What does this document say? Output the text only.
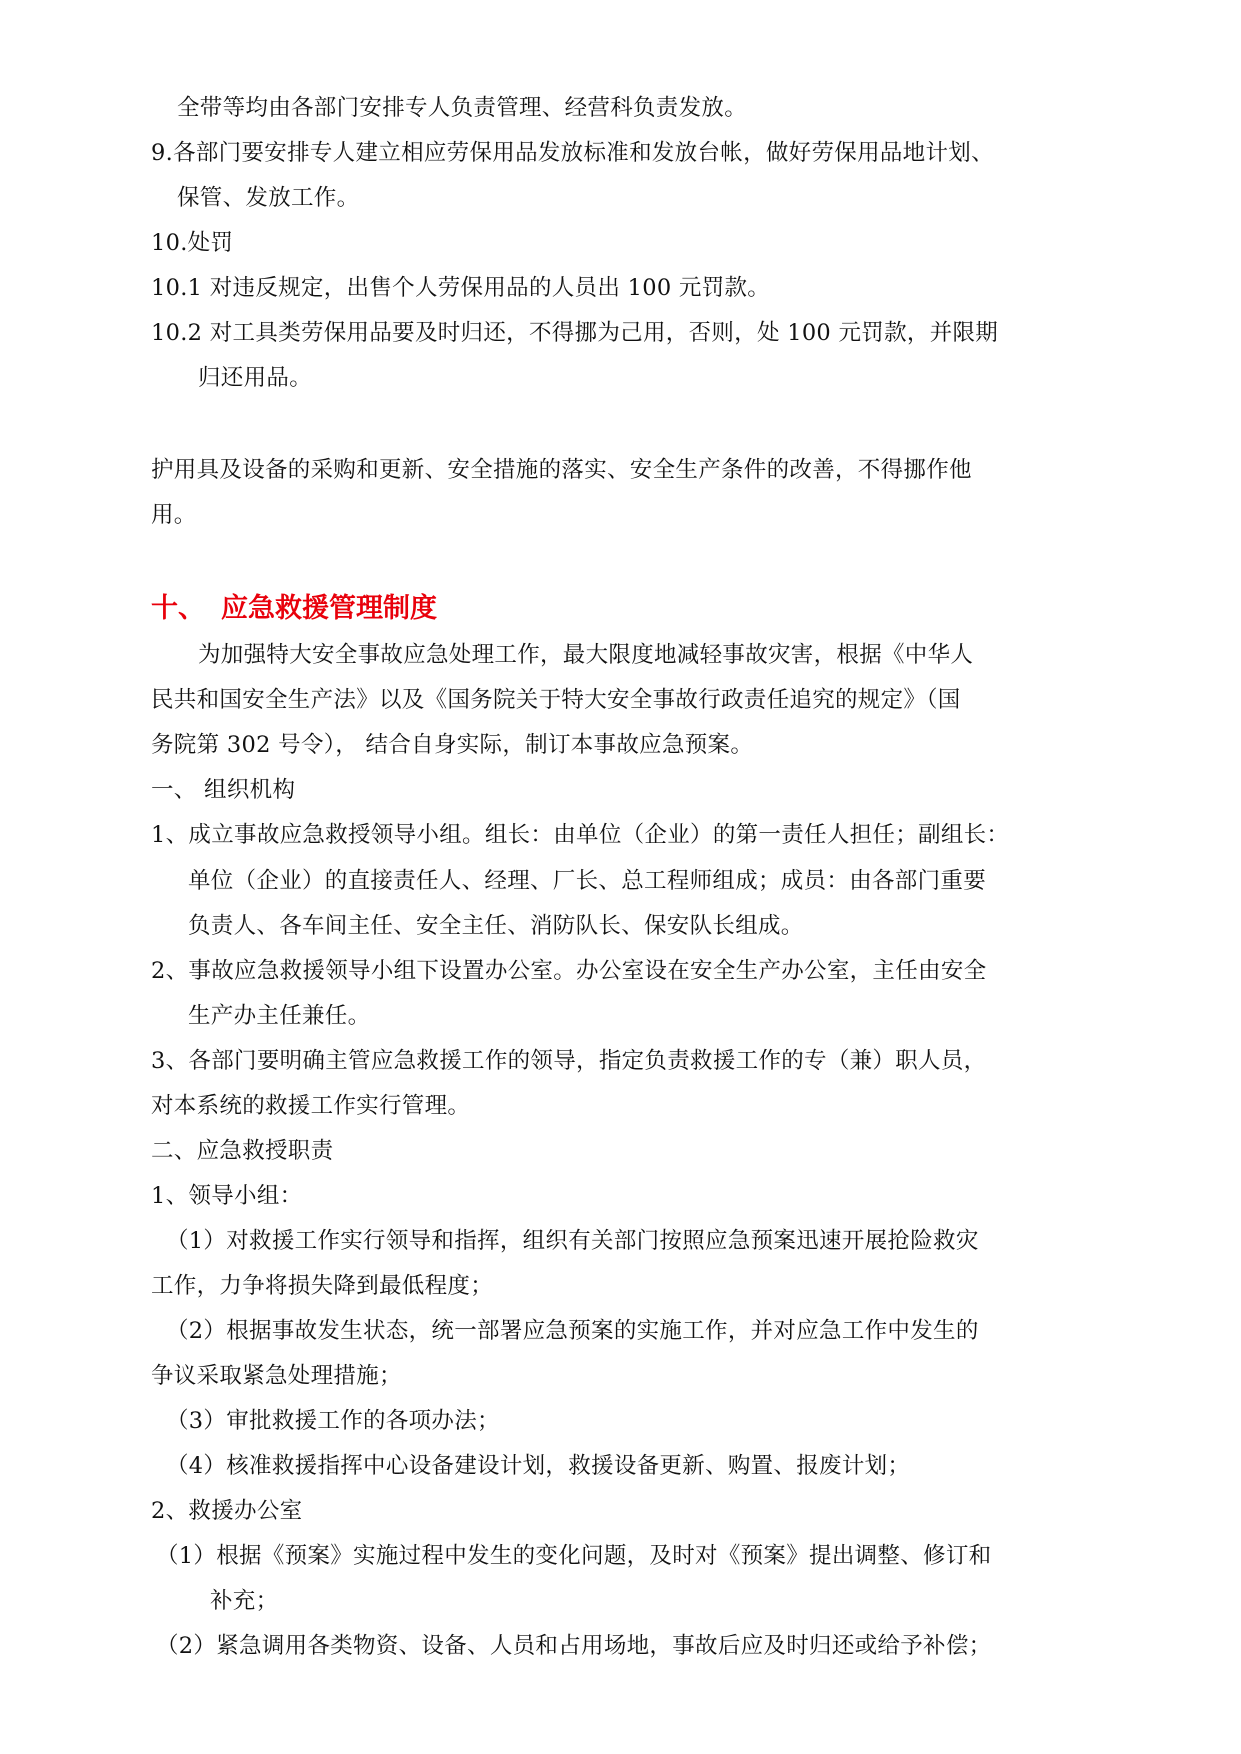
全带等均由各部门安排专人负责管理、经营科负责发放。
9.各部门要安排专人建立相应劳保用品发放标准和发放台帐，做好劳保用品地计划、
保管、发放工作。
10.处罚
10.1 对违反规定，出售个人劳保用品的人员出 100 元罚款。
10.2 对工具类劳保用品要及时归还，不得挪为己用，否则，处 100 元罚款，并限期
归还用品。
护用具及设备的采购和更新、安全措施的落实、安全生产条件的改善，不得挪作他
用。
十、 应急救援管理制度
为加强特大安全事故应急处理工作，最大限度地减轻事故灾害，根据《中华人
民共和国安全生产法》以及《国务院关于特大安全事故行政责任追究的规定》（国
务院第 302 号令）， 结合自身实际，制订本事故应急预案。
一、 组织机构
1、成立事故应急救授领导小组。组长：由单位（企业）的第一责任人担任；副组长：
单位（企业）的直接责任人、经理、厂长、总工程师组成；成员：由各部门重要
负责人、各车间主任、安全主任、消防队长、保安队长组成。
2、事故应急救援领导小组下设置办公室。办公室设在安全生产办公室，主任由安全
生产办主任兼任。
3、各部门要明确主管应急救援工作的领导，指定负责救援工作的专（兼）职人员，
对本系统的救援工作实行管理。
二、应急救授职责
1、领导小组：
（1）对救援工作实行领导和指挥，组织有关部门按照应急预案迅速开展抢险救灾
工作，力争将损失降到最低程度；
（2）根据事故发生状态，统一部署应急预案的实施工作，并对应急工作中发生的
争议采取紧急处理措施；
（3）审批救援工作的各项办法；
（4）核准救援指挥中心设备建设计划，救援设备更新、购置、报废计划；
2、救援办公室
（1）根据《预案》实施过程中发生的变化问题，及时对《预案》提出调整、修订和
补充；
（2）紧急调用各类物资、设备、人员和占用场地，事故后应及时归还或给予补偿；
